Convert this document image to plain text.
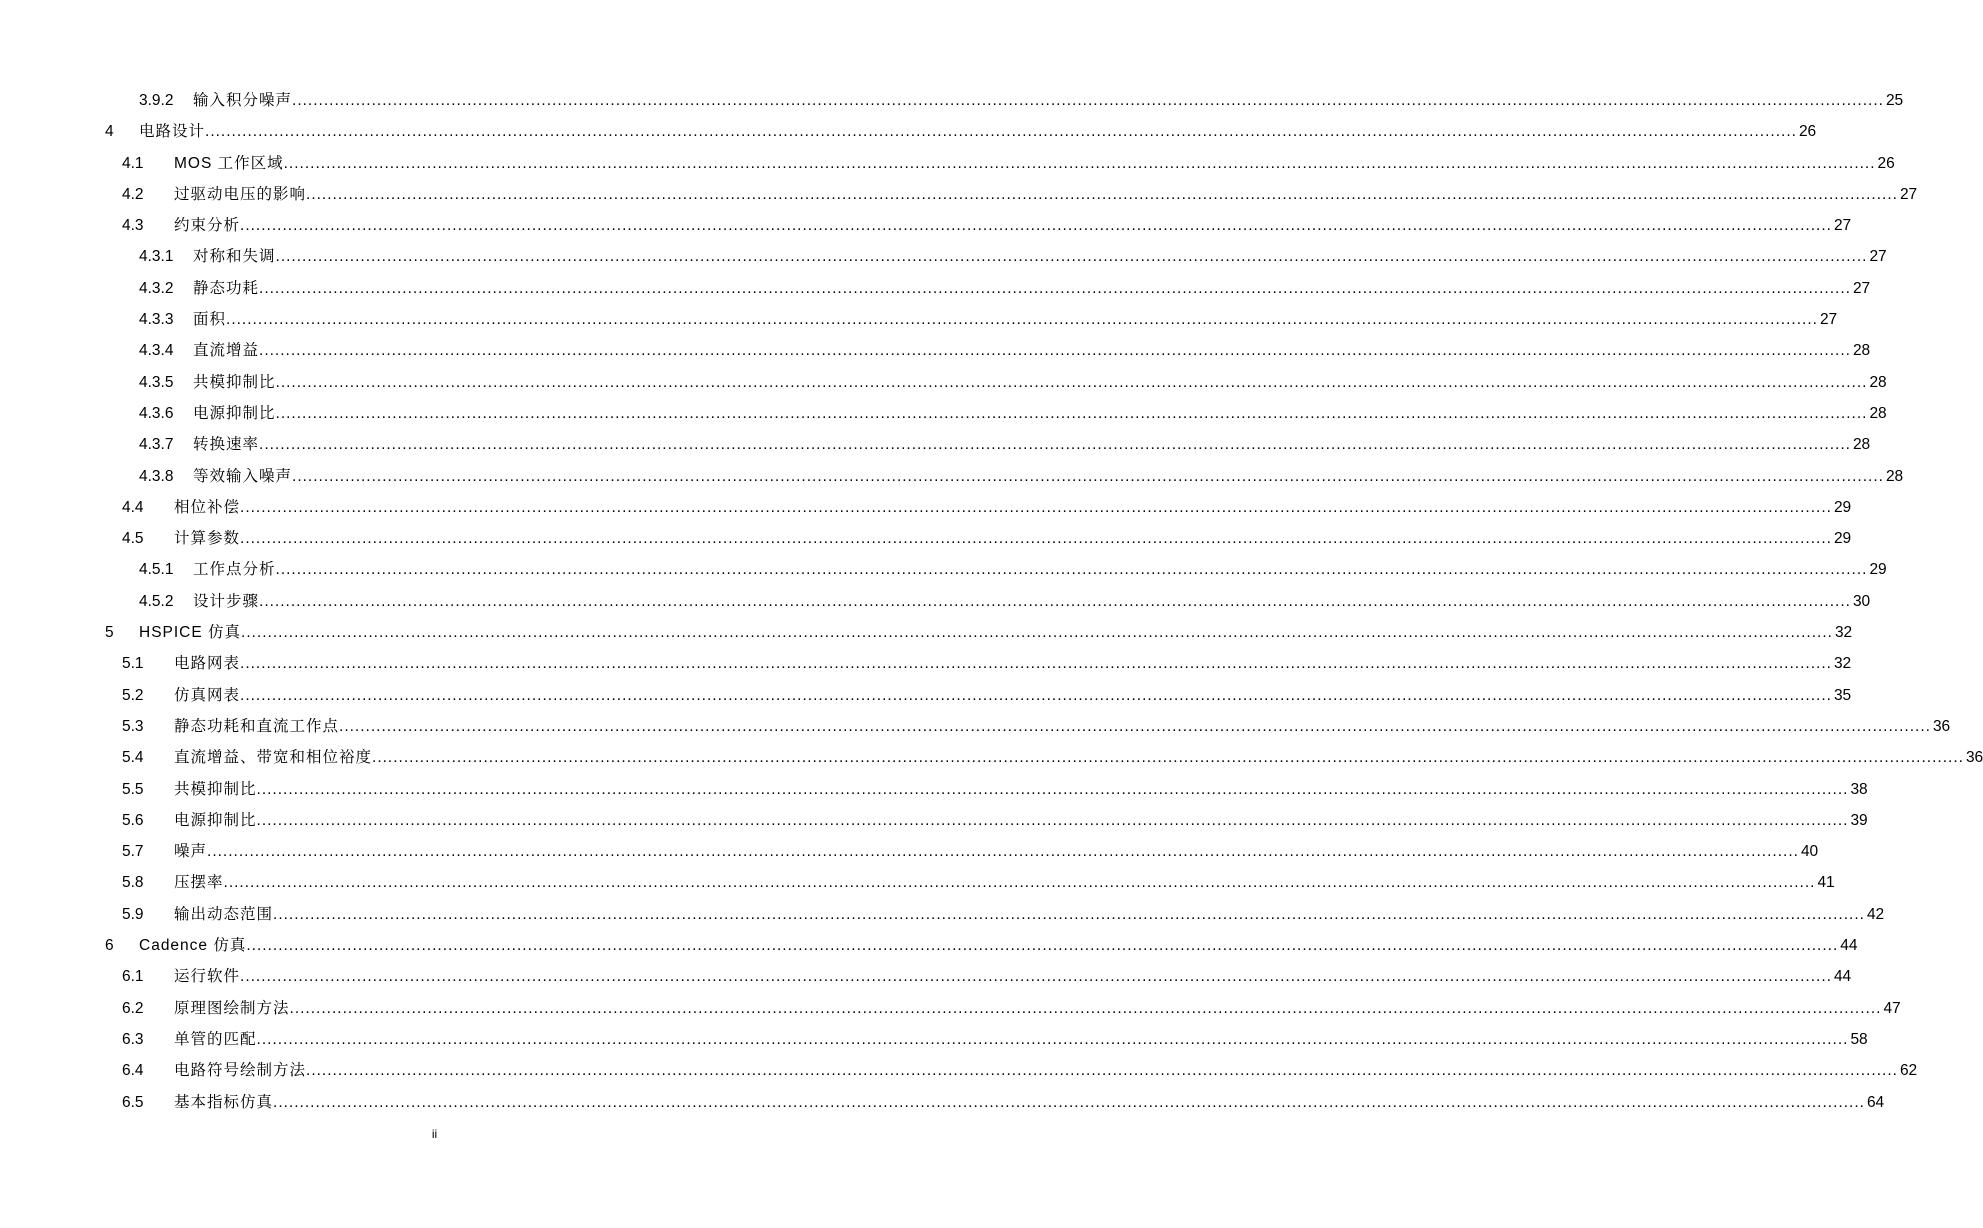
3.9.2 输入积分噪声 ............................................................................................................................................................................................................................................................................................................ 25
4 电路设计 ............................................................................................................................................................................................................................................................................................................ 26
4.1 MOS 工作区域 ............................................................................................................................................................................................................................................................................................................ 26
4.2 过驱动电压的影响 ............................................................................................................................................................................................................................................................................................................ 27
4.3 约束分析 ............................................................................................................................................................................................................................................................................................................ 27
4.3.1 对称和失调 ............................................................................................................................................................................................................................................................................................................ 27
4.3.2 静态功耗 ............................................................................................................................................................................................................................................................................................................ 27
4.3.3 面积 ............................................................................................................................................................................................................................................................................................................ 27
4.3.4 直流增益 ............................................................................................................................................................................................................................................................................................................ 28
4.3.5 共模抑制比 ............................................................................................................................................................................................................................................................................................................ 28
4.3.6 电源抑制比 ............................................................................................................................................................................................................................................................................................................ 28
4.3.7 转换速率 ............................................................................................................................................................................................................................................................................................................ 28
4.3.8 等效输入噪声 ............................................................................................................................................................................................................................................................................................................ 28
4.4 相位补偿 ............................................................................................................................................................................................................................................................................................................ 29
4.5 计算参数 ............................................................................................................................................................................................................................................................................................................ 29
4.5.1 工作点分析 ............................................................................................................................................................................................................................................................................................................ 29
4.5.2 设计步骤 ............................................................................................................................................................................................................................................................................................................ 30
5 HSPICE 仿真 ............................................................................................................................................................................................................................................................................................................ 32
5.1 电路网表 ............................................................................................................................................................................................................................................................................................................ 32
5.2 仿真网表 ............................................................................................................................................................................................................................................................................................................ 35
5.3 静态功耗和直流工作点 ............................................................................................................................................................................................................................................................................................................ 36
5.4 直流增益、带宽和相位裕度 ............................................................................................................................................................................................................................................................................................................ 36
5.5 共模抑制比 ............................................................................................................................................................................................................................................................................................................ 38
5.6 电源抑制比 ............................................................................................................................................................................................................................................................................................................ 39
5.7 噪声 ............................................................................................................................................................................................................................................................................................................ 40
5.8 压摆率 ............................................................................................................................................................................................................................................................................................................ 41
5.9 输出动态范围 ............................................................................................................................................................................................................................................................................................................ 42
6 Cadence 仿真 ............................................................................................................................................................................................................................................................................................................ 44
6.1 运行软件 ............................................................................................................................................................................................................................................................................................................ 44
6.2 原理图绘制方法 ............................................................................................................................................................................................................................................................................................................ 47
6.3 单管的匹配 ............................................................................................................................................................................................................................................................................................................ 58
6.4 电路符号绘制方法 ............................................................................................................................................................................................................................................................................................................ 62
6.5 基本指标仿真 ............................................................................................................................................................................................................................................................................................................ 64
ii
